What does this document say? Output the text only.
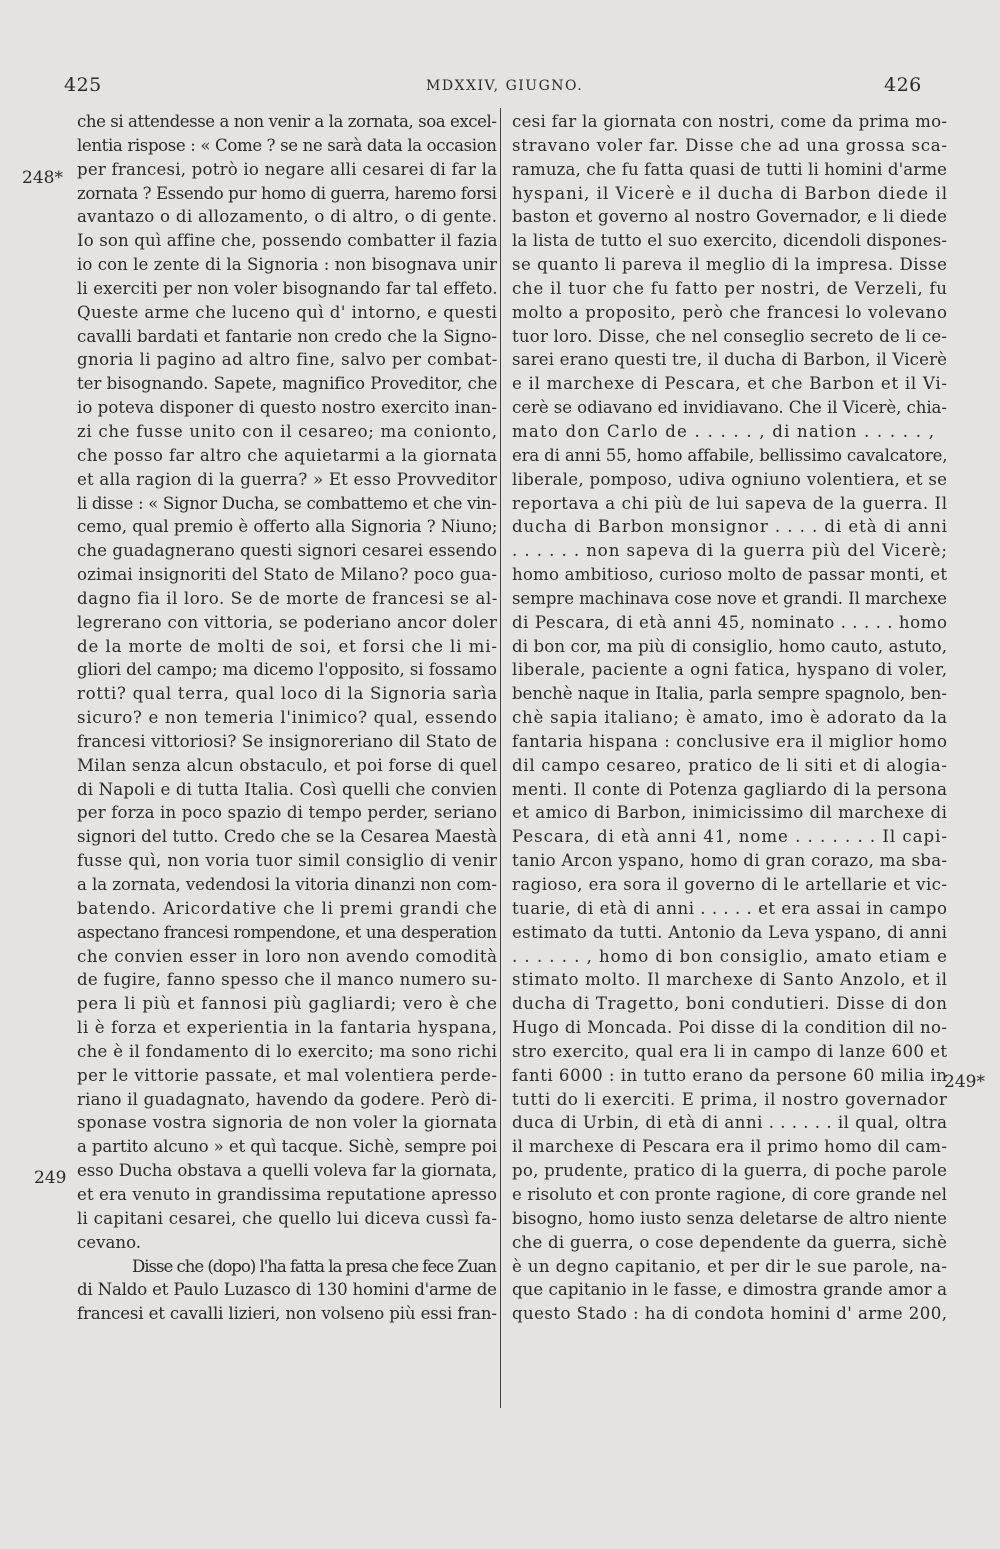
425	MDXXIV, GIUGNO.	426
248*
249
249*
che si attendesse a non venir a la zornata, soa excel-
lentia rispose : « Come ? se ne sarà data la occasion
per francesi, potrò io negare alli cesarei di far la
zornata ? Essendo pur homo di guerra, haremo forsi
avantazo o di allozamento, o di altro, o di gente.
Io son quì affine che, possendo combatter il fazia
io con le zente di la Signoria : non bisognava unir
li exerciti per non voler bisognando far tal effeto.
Queste arme che luceno quì d' intorno, e questi
cavalli bardati et fantarie non credo che la Signo-
gnoria li pagino ad altro fine, salvo per combat-
ter bisognando. Sapete, magnifico Proveditor, che
io poteva disponer di questo nostro exercito inan-
zi che fusse unito con il cesareo; ma coniontо,
che posso far altro che aquietarmi a la giornata
et alla ragion di la guerra? » Et esso Provveditor
li disse : « Signor Ducha, se combattemo et che vin-
cemo, qual premio è offerto alla Signoria ? Niuno;
che guadagnerano questi signori cesarei essendo
ozimai insignoriti del Stato de Milano? poco gua-
dagno fia il loro. Se de morte de francesi se al-
legrerano con vittoria, se poderiano ancor doler
de la morte de molti de soi, et forsi che li mi-
gliori del campo; ma dicemo l'opposito, si fossamo
rotti? qual terra, qual loco di la Signoria sarìa
sicuro? e non temeria l'inimico? qual, essendo
francesi vittoriosi? Se insignoreriano dil Stato de
Milan senza alcun obstaculo, et poi forse di quel
di Napoli e di tutta Italia. Così quelli che convien
per forza in poco spazio di tempo perder, seriano
signori del tutto. Credo che se la Cesarea Maestà
fusse quì, non voria tuor simil consiglio di venir
a la zornata, vedendosi la vitoria dinanzi non com-
batendo. Aricordative che li premi grandi che
aspectano francesi rompendone, et una desperation
che convien esser in loro non avendo comodità
de fugire, fanno spesso che il manco numero su-
pera li più et fannosi più gagliardi; vero è che
li è forza et experientia in la fantaria hyspana,
che è il fondamento di lo exercito; ma sono richi
per le vittorie passate, et mal volentiera perde-
riano il guadagnato, havendo da godere. Però di-
sponase vostra signoria de non voler la giornata
a partito alcuno » et quì tacque. Sichè, sempre poi
esso Ducha obstava a quelli voleva far la giornata,
et era venuto in grandissima reputatione apresso
li capitani cesarei, che quello lui diceva cussì fa-
cevano.
Disse che (dopo) l'ha fatta la presa che fece Zuan
di Naldo et Paulo Luzasco di 130 homini d'arme de
francesi et cavalli lizieri, non volseno più essi fran-
cesi far la giornata con nostri, come da prima mo-
stravano voler far. Disse che ad una grossa sca-
ramuza, che fu fatta quasi de tutti li homini d'arme
hyspani, il Vicerè e il ducha di Barbon diede il
baston et governo al nostro Governador, e li diede
la lista de tutto el suo exercito, dicendoli dispones-
se quanto li pareva il meglio di la impresa. Disse
che il tuor che fu fatto per nostri, de Verzeli, fu
molto a proposito, però che francesi lo volevano
tuor loro. Disse, che nel conseglio secreto de li ce-
sarei erano questi tre, il ducha di Barbon, il Vicerè
e il marchexe di Pescara, et che Barbon et il Vi-
cerè se odiavano ed invidiavano. Che il Vicerè, chia-
mato don Carlo de . . . . . , di nation . . . . . ,
era di anni 55, homo affabile, bellissimo cavalcatore,
liberale, pomposo, udiva ogniuno volentiera, et se
reportava a chi più de lui sapeva de la guerra. Il
ducha di Barbon monsignor . . . . di età di anni
. . . . . . non sapeva di la guerra più del Vicerè;
homo ambitioso, curioso molto de passar monti, et
sempre machinava cose nove et grandi. Il marchexe
di Pescara, di età anni 45, nominato . . . . . homo
di bon cor, ma più di consiglio, homo cauto, astuto,
liberale, paciente a ogni fatica, hyspano di voler,
benchè naque in Italia, parla sempre spagnolo, ben-
chè sapia italiano; è amato, imo è adorato da la
fantaria hispana : conclusive era il miglior homo
dil campo cesareo, pratico de li siti et di alogia-
menti. Il conte di Potenza gagliardo di la persona
et amico di Barbon, inimicissimo dil marchexe di
Pescara, di età anni 41, nome . . . . . . . Il capi-
tanio Arcon yspano, homo di gran corazo, ma sba-
ragioso, era sora il governo di le artellarie et vic-
tuarie, di età di anni . . . . . et era assai in campo
estimato da tutti. Antonio da Leva yspano, di anni
. . . . . . , homo di bon consiglio, amato etiam e
stimato molto. Il marchexe di Santo Anzolo, et il
ducha di Tragetto, boni condutieri. Disse di don
Hugo di Moncada. Poi disse di la condition dil no-
stro exercito, qual era li in campo di lanze 600 et
fanti 6000 : in tutto erano da persone 60 milia in
tutti do li exerciti. E prima, il nostro governador
duca di Urbin, di età di anni . . . . . . il qual, oltra
il marchexe di Pescara era il primo homo dil cam-
po, prudente, pratico di la guerra, di poche parole
e risoluto et con pronte ragione, di core grande nel
bisogno, homo iusto senza deletarse de altro niente
che di guerra, o cose dependente da guerra, sichè
è un degno capitanio, et per dir le sue parole, na-
que capitanio in le fasse, e dimostra grande amor a
questo Stado : ha di condota homini d' arme 200,
